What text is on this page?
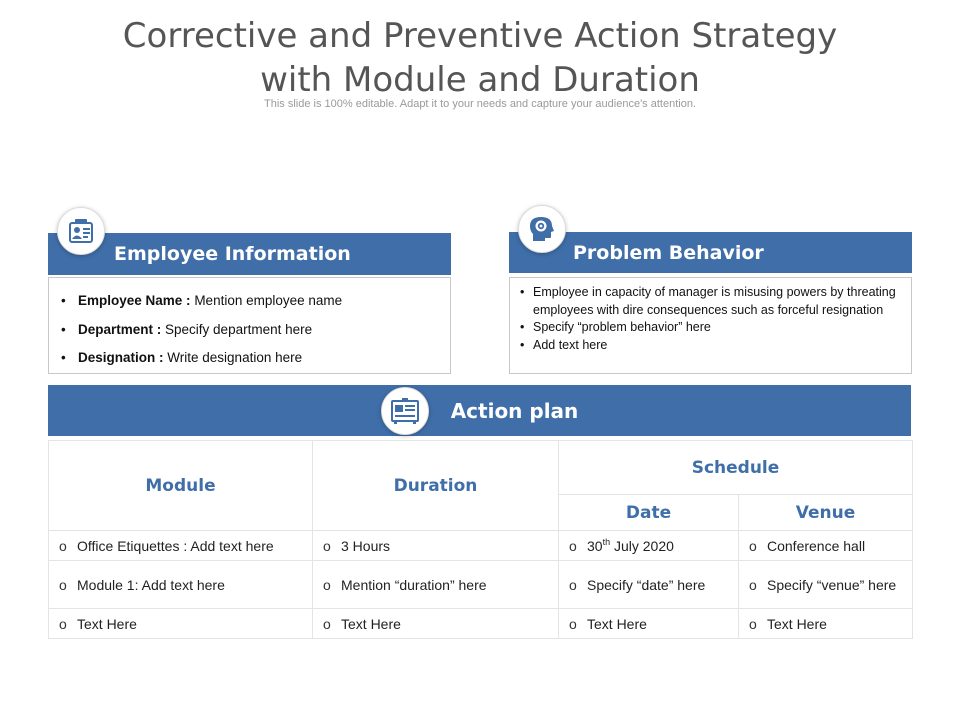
Corrective and Preventive Action Strategy
with Module and Duration
This slide is 100% editable. Adapt it to your needs and capture your audience's attention.
Employee Information
• Employee Name : Mention employee name
• Department : Specify department here
• Designation : Write designation here
Problem Behavior
• Employee in capacity of manager is misusing powers by threating employees with dire consequences such as forceful resignation
• Specify “problem behavior” here
• Add text here
Action plan
Module	Duration	Schedule	
		Date	Venue
o Office Etiquettes : Add text here	o 3 Hours	o 30th July 2020	o Conference hall
o Module 1: Add text here	o Mention “duration” here	o Specify “date” here	o Specify “venue” here
o Text Here	o Text Here	o Text Here	o Text Here
